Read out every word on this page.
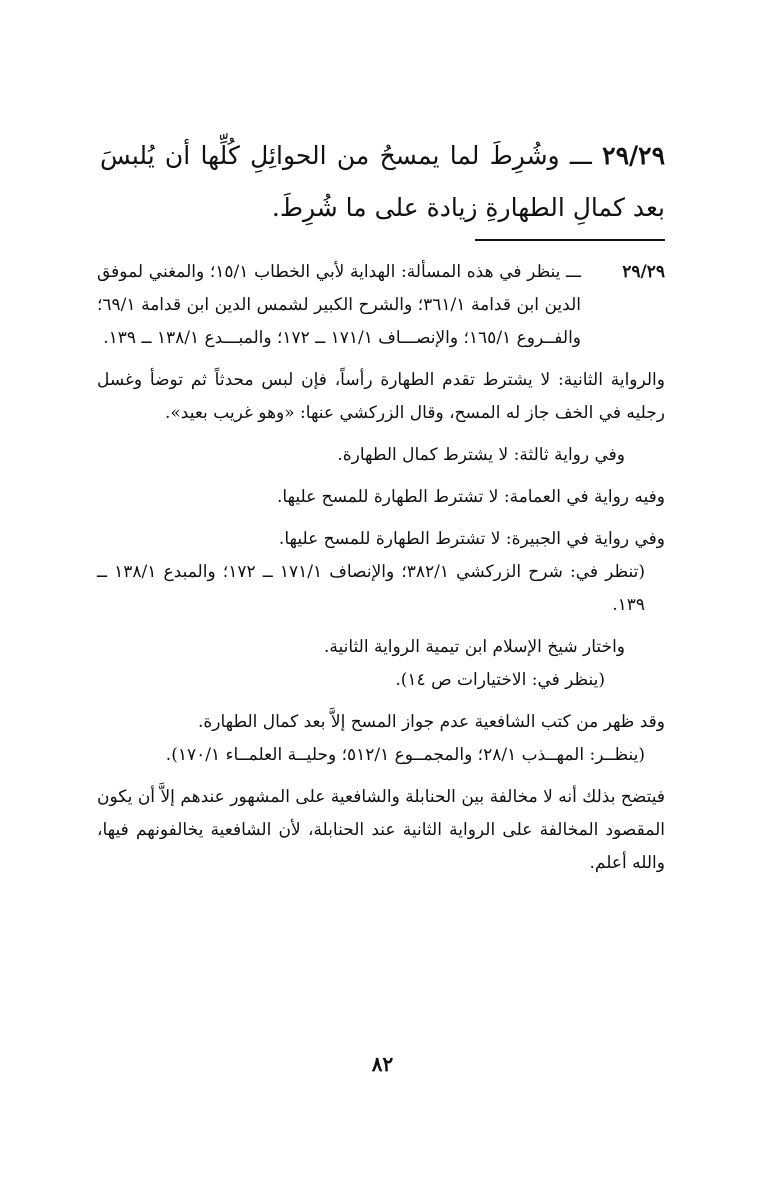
٢٩/٢٩ ـــ وشُرِطَ لما يمسحُ من الحوائِلِ كُلِّها أن يُلبسَ بعد كمالِ الطهارةِ زيادة على ما شُرِطَ.

٢٩/٢٩ـــ ينظر في هذه المسألة: الهداية لأبي الخطاب ١٥/١؛ والمغني لموفق الدين ابن قدامة ٣٦١/١؛ والشرح الكبير لشمس الدين ابن قدامة ٦٩/١؛ والفــروع ١٦٥/١؛ والإنصـــاف ١٧١/١ ــ ١٧٢؛ والمبـــدع ١٣٨/١ ــ ١٣٩.

والرواية الثانية: لا يشترط تقدم الطهارة رأساً، فإن لبس محدثاً ثم توضأ وغسل رجليه في الخف جاز له المسح، وقال الزركشي عنها: «وهو غريب بعيد».

وفي رواية ثالثة: لا يشترط كمال الطهارة.

وفيه رواية في العمامة: لا تشترط الطهارة للمسح عليها.

وفي رواية في الجبيرة: لا تشترط الطهارة للمسح عليها.

(تنظر في: شرح الزركشي ٣٨٢/١؛ والإنصاف ١٧١/١ ــ ١٧٢؛ والمبدع ١٣٨/١ ــ ١٣٩.

واختار شيخ الإسلام ابن تيمية الرواية الثانية.

(ينظر في: الاختيارات ص ١٤).

وقد ظهر من كتب الشافعية عدم جواز المسح إلاَّ بعد كمال الطهارة.

(ينظــر: المهــذب ٢٨/١؛ والمجمــوع ٥١٢/١؛ وحليــة العلمــاء ١٧٠/١).

فيتضح بذلك أنه لا مخالفة بين الحنابلة والشافعية على المشهور عندهم إلاَّ أن يكون المقصود المخالفة على الرواية الثانية عند الحنابلة، لأن الشافعية يخالفونهم فيها، والله أعلم.

٨٢
